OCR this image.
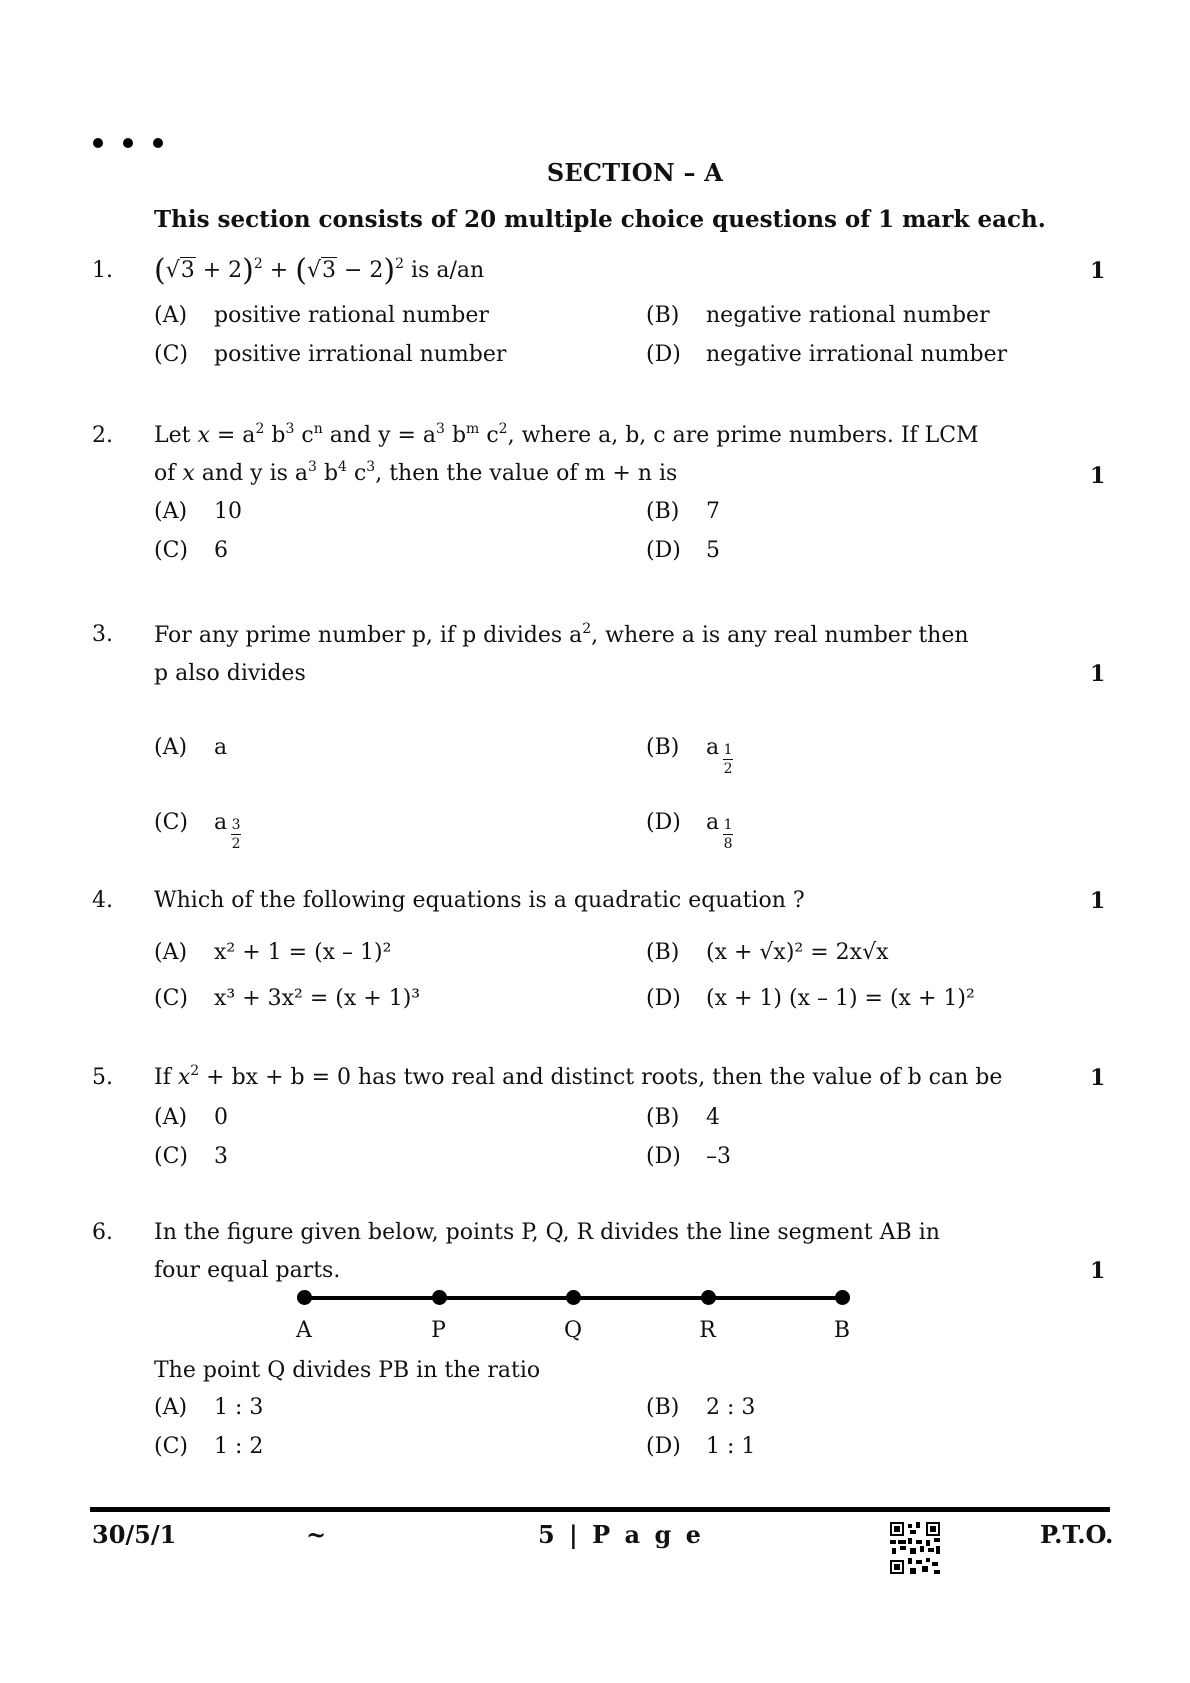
SECTION – A
This section consists of 20 multiple choice questions of 1 mark each.
1. $(√3 + 2)^2 + (√3 - 2)^2$ is a/an	1
(A)	positive rational number	(B)	negative rational number
(C)	positive irrational number	(D)	negative irrational number
2. Let $x = a^2$ $b^3$ $c^n$ and $y = a^3$ $b^m$ $c^2$, where a, b, c are prime numbers. If LCM
of x and y is $a^3$ $b^4$ $c^3$, then the value of m + n is	1
(A)	10	(B)	7
(C)	6	(D)	5
3. For any prime number p, if p divides $a^2$, where a is any real number then
p also divides	1
(A)	a	(B)	a $\frac{1}{2}$
(C)	a $\frac{3}{2}$	(D)	a $\frac{1}{8}$
4. Which of the following equations is a quadratic equation ?	1
(A)	x² + 1 = (x – 1)²	(B)	(x + √x)² = 2x√x
(C)	x³ + 3x² = (x + 1)³	(D)	(x + 1) (x – 1) = (x + 1)²
5. If $x^2$ + bx + b = 0 has two real and distinct roots, then the value of b can be	1
(A)	0	(B)	4
(C)	3	(D)	–3
6. In the figure given below, points P, Q, R divides the line segment AB in
four equal parts.	1
A	P	Q	R	B
The point Q divides PB in the ratio
(A)	1 : 3	(B)	2 : 3
(C)	1 : 2	(D)	1 : 1
30/5/1	~	5 | P a g e	P.T.O.
